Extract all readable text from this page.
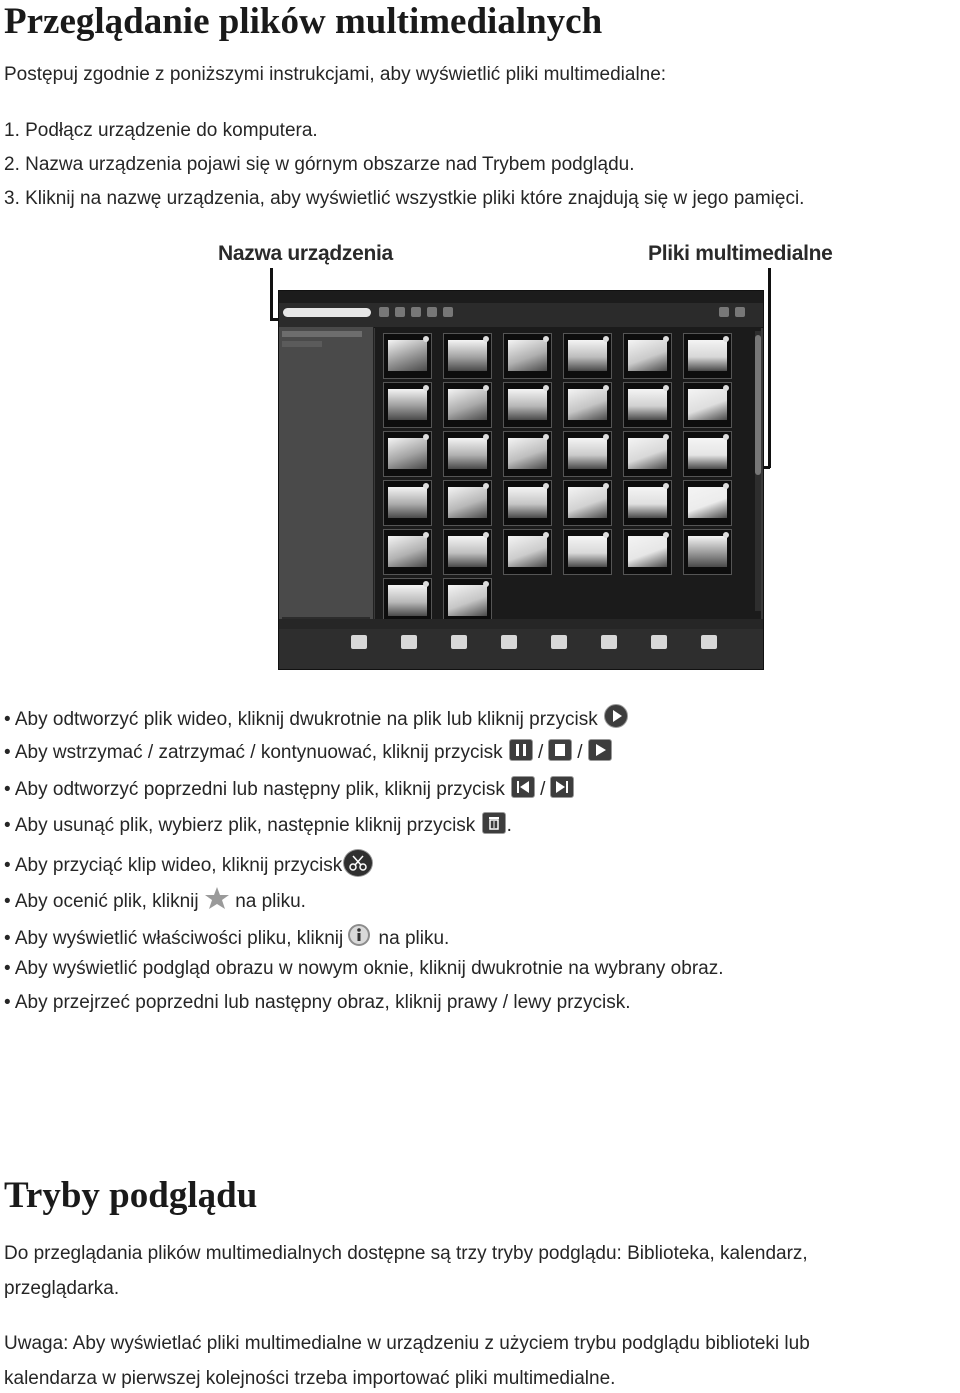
Przeglądanie plików multimedialnych

Postępuj zgodnie z poniższymi instrukcjami, aby wyświetlić pliki multimedialne:

1. Podłącz urządzenie do komputera.

2. Nazwa urządzenia pojawi się w górnym obszarze nad Trybem podglądu.

3. Kliknij na nazwę urządzenia, aby wyświetlić wszystkie pliki które znajdują się w jego pamięci.

Nazwa urządzenia	Pliki multimedialne
• Aby odtworzyć plik wideo, kliknij dwukrotnie na plik lub kliknij przycisk
• Aby wstrzymać / zatrzymać / kontynuować, kliknij przycisk / /
• Aby odtworzyć poprzedni lub następny plik, kliknij przycisk /
• Aby usunąć plik, wybierz plik, następnie kliknij przycisk .
• Aby przyciąć klip wideo, kliknij przycisk
• Aby ocenić plik, kliknij na pliku.
• Aby wyświetlić właściwości pliku, kliknij na pliku.

• Aby wyświetlić podgląd obrazu w nowym oknie, kliknij dwukrotnie na wybrany obraz.

• Aby przejrzeć poprzedni lub następny obraz, kliknij prawy / lewy przycisk.

Tryby podglądu

Do przeglądania plików multimedialnych dostępne są trzy tryby podglądu: Biblioteka, kalendarz,

przeglądarka.

Uwaga: Aby wyświetlać pliki multimedialne w urządzeniu z użyciem trybu podglądu biblioteki lub

kalendarza w pierwszej kolejności trzeba importować pliki multimedialne.
